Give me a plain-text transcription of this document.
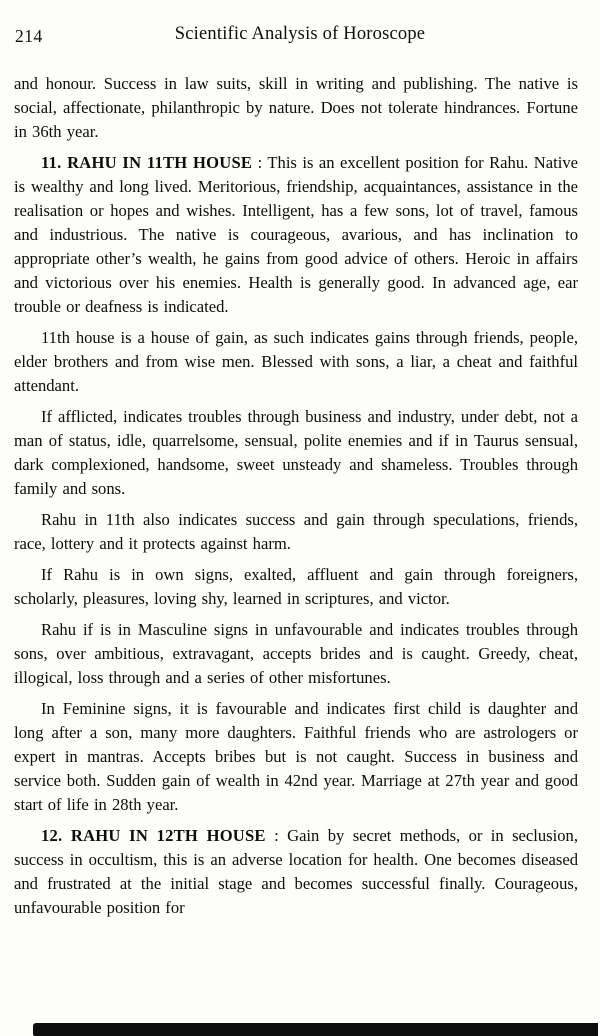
214	Scientific Analysis of Horoscope

and honour. Success in law suits, skill in writing and publishing. The native is social, affectionate, philanthropic by nature. Does not tolerate hindrances. Fortune in 36th year.

11. RAHU IN 11TH HOUSE : This is an excellent position for Rahu. Native is wealthy and long lived. Meritorious, friendship, acquaintances, assistance in the realisation or hopes and wishes. Intelligent, has a few sons, lot of travel, famous and industrious. The native is courageous, avarious, and has inclination to appropriate other’s wealth, he gains from good advice of others. Heroic in affairs and victorious over his enemies. Health is generally good. In advanced age, ear trouble or deafness is indicated.

11th house is a house of gain, as such indicates gains through friends, people, elder brothers and from wise men. Blessed with sons, a liar, a cheat and faithful attendant.

If afflicted, indicates troubles through business and industry, under debt, not a man of status, idle, quarrelsome, sensual, polite enemies and if in Taurus sensual, dark complexioned, handsome, sweet unsteady and shameless. Troubles through family and sons.

Rahu in 11th also indicates success and gain through speculations, friends, race, lottery and it protects against harm.

If Rahu is in own signs, exalted, affluent and gain through foreigners, scholarly, pleasures, loving shy, learned in scriptures, and victor.

Rahu if is in Masculine signs in unfavourable and indicates troubles through sons, over ambitious, extravagant, accepts brides and is caught. Greedy, cheat, illogical, loss through and a series of other misfortunes.

In Feminine signs, it is favourable and indicates first child is daughter and long after a son, many more daughters. Faithful friends who are astrologers or expert in mantras. Accepts bribes but is not caught. Success in business and service both. Sudden gain of wealth in 42nd year. Marriage at 27th year and good start of life in 28th year.

12. RAHU IN 12TH HOUSE : Gain by secret methods, or in seclusion, success in occultism, this is an adverse location for health. One becomes diseased and frustrated at the initial stage and becomes successful finally. Courageous, unfavourable position for
